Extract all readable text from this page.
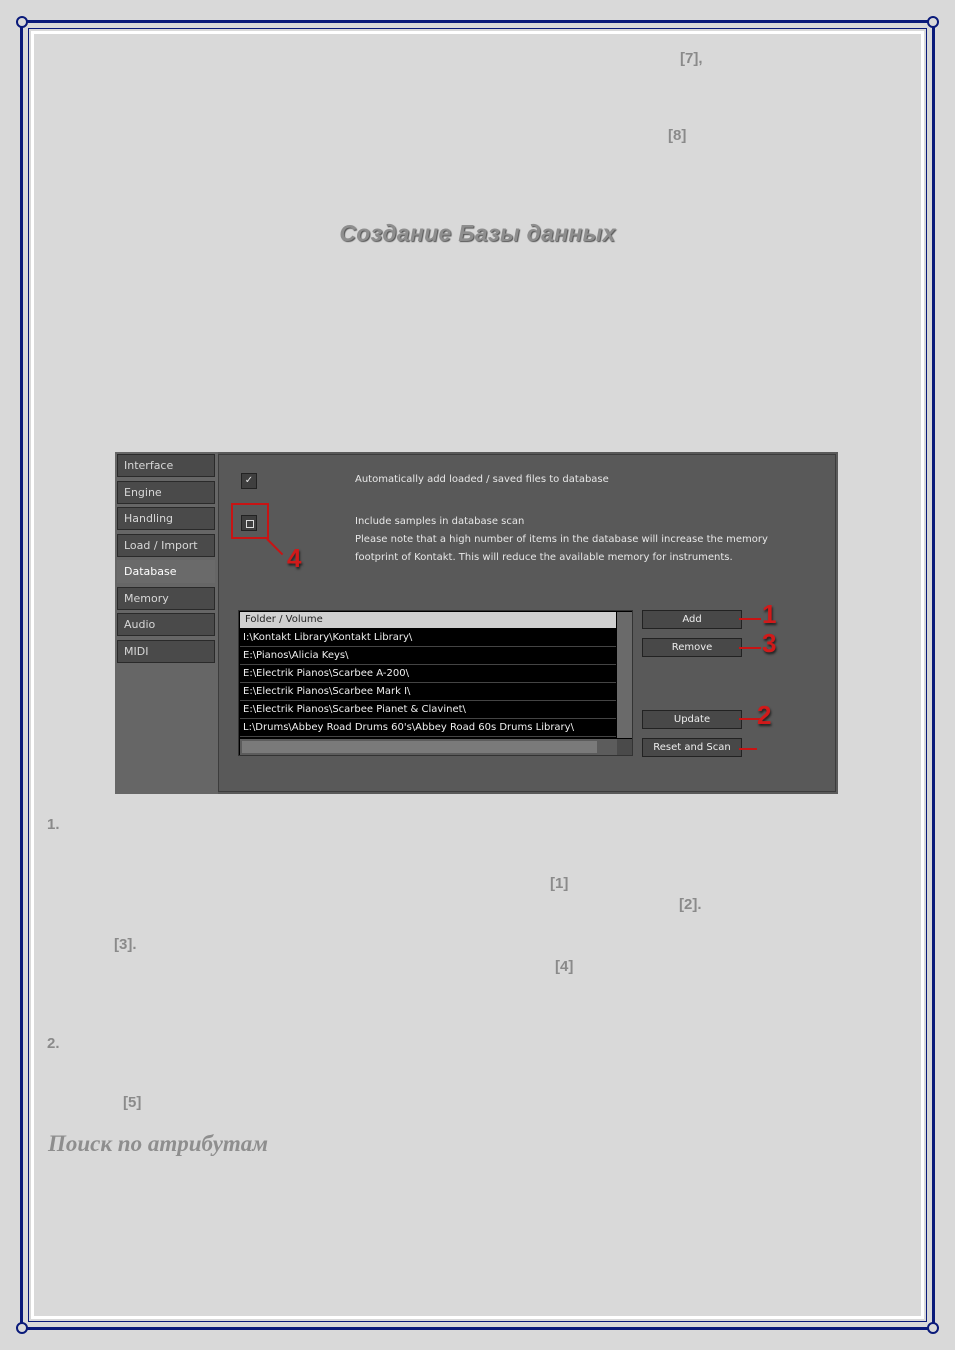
[7],
[8]
Создание Базы данных
Interface
Engine
Handling
Load / Import
Database
Memory
Audio
MIDI
✓	Automatically add loaded / saved files to database
Include samples in database scan
Please note that a high number of items in the database will increase the memory
footprint of Kontakt. This will reduce the available memory for instruments.
4
Folder / Volume
I:\Kontakt Library\Kontakt Library\
E:\Pianos\Alicia Keys\
E:\Electrik Pianos\Scarbee A-200\
E:\Electrik Pianos\Scarbee Mark I\
E:\Electrik Pianos\Scarbee Pianet & Clavinet\
L:\Drums\Abbey Road Drums 60's\Abbey Road 60s Drums Library\
Add
Remove
Update
Reset and Scan
1
3
2
1.
[1]
[2].
[3].
[4]
2.
[5]
Поиск по атрибутам
